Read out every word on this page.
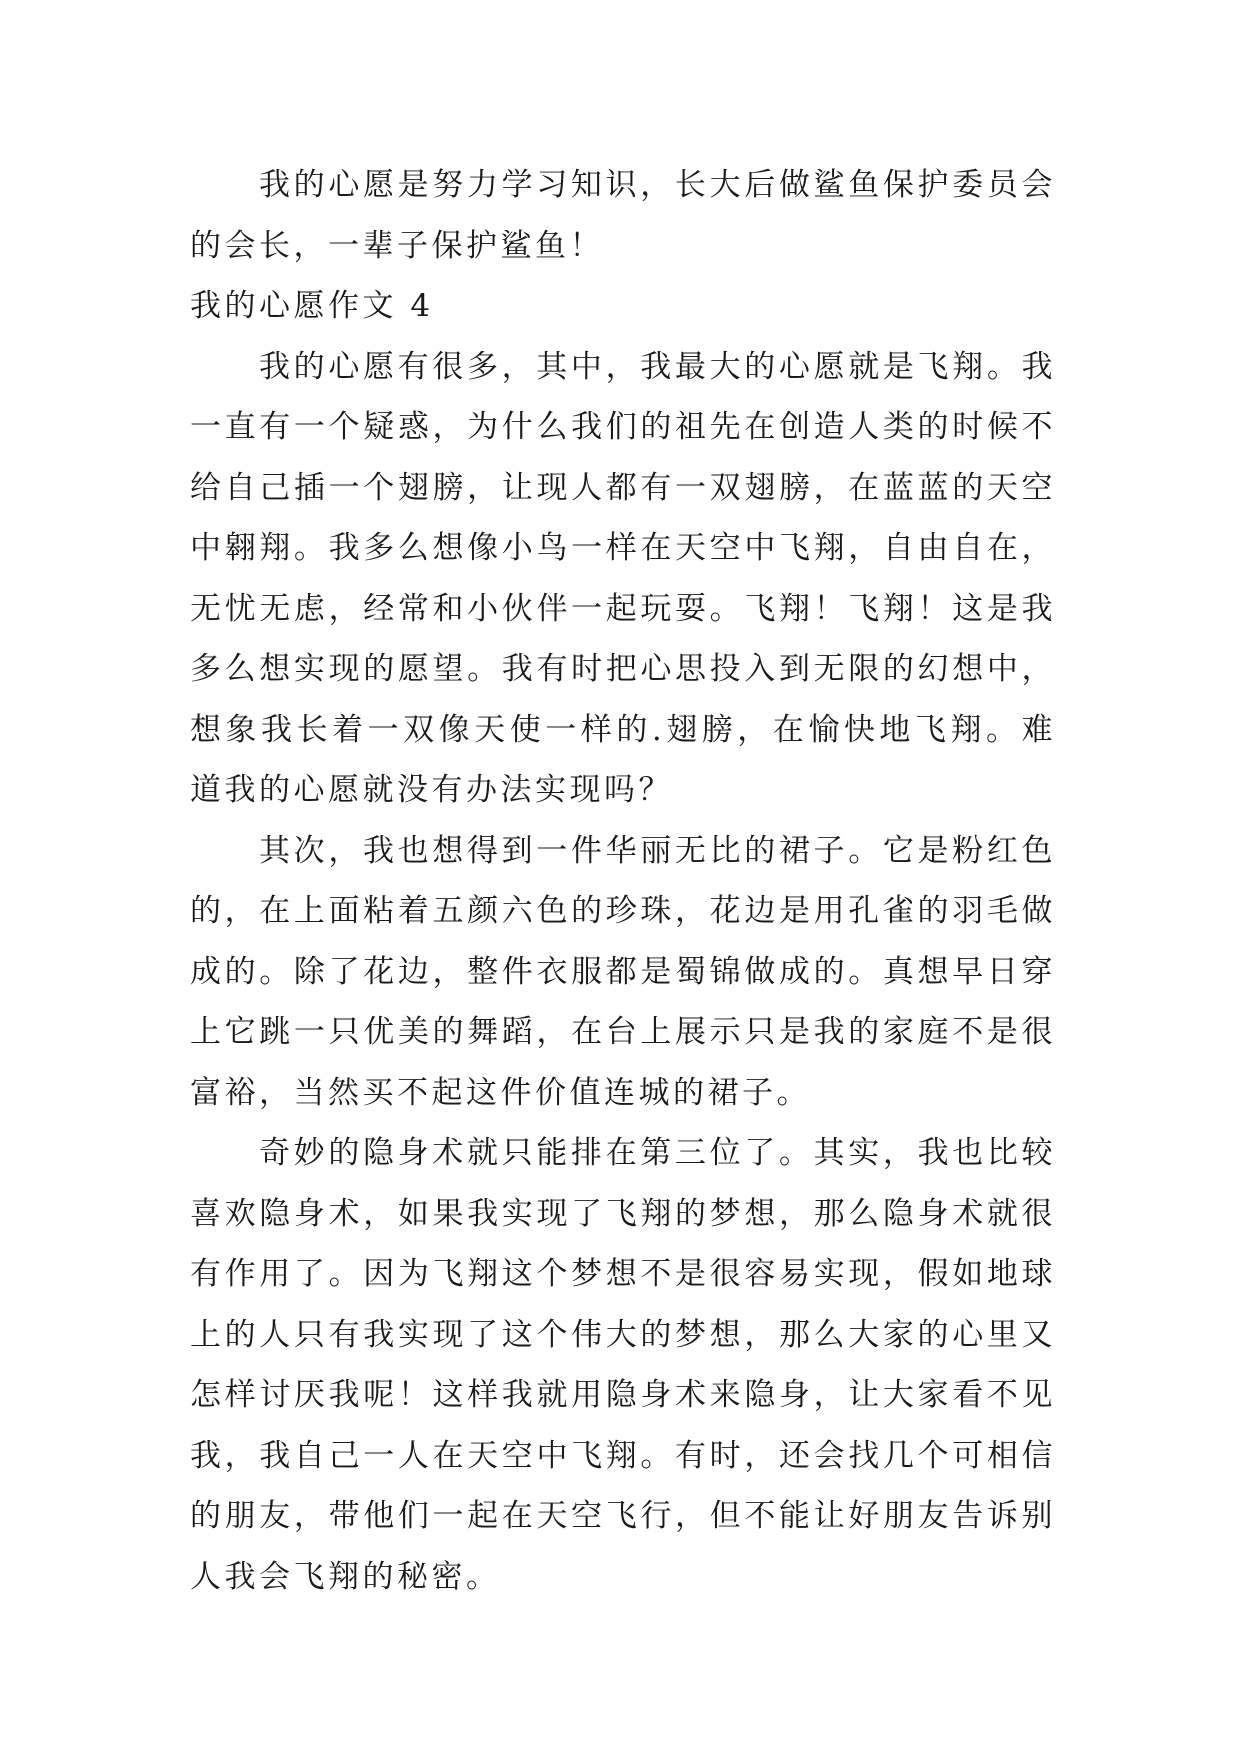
我的心愿是努力学习知识，长大后做鲨鱼保护委员会的会长，一辈子保护鲨鱼！

我的心愿作文 4

我的心愿有很多，其中，我最大的心愿就是飞翔。我一直有一个疑惑，为什么我们的祖先在创造人类的时候不给自己插一个翅膀，让现人都有一双翅膀，在蓝蓝的天空中翱翔。我多么想像小鸟一样在天空中飞翔，自由自在，无忧无虑，经常和小伙伴一起玩耍。飞翔！飞翔！这是我多么想实现的愿望。我有时把心思投入到无限的幻想中，想象我长着一双像天使一样的.翅膀，在愉快地飞翔。难道我的心愿就没有办法实现吗？

其次，我也想得到一件华丽无比的裙子。它是粉红色的，在上面粘着五颜六色的珍珠，花边是用孔雀的羽毛做成的。除了花边，整件衣服都是蜀锦做成的。真想早日穿上它跳一只优美的舞蹈，在台上展示只是我的家庭不是很富裕，当然买不起这件价值连城的裙子。

奇妙的隐身术就只能排在第三位了。其实，我也比较喜欢隐身术，如果我实现了飞翔的梦想，那么隐身术就很有作用了。因为飞翔这个梦想不是很容易实现，假如地球上的人只有我实现了这个伟大的梦想，那么大家的心里又怎样讨厌我呢！这样我就用隐身术来隐身，让大家看不见我，我自己一人在天空中飞翔。有时，还会找几个可相信的朋友，带他们一起在天空飞行，但不能让好朋友告诉别人我会飞翔的秘密。
